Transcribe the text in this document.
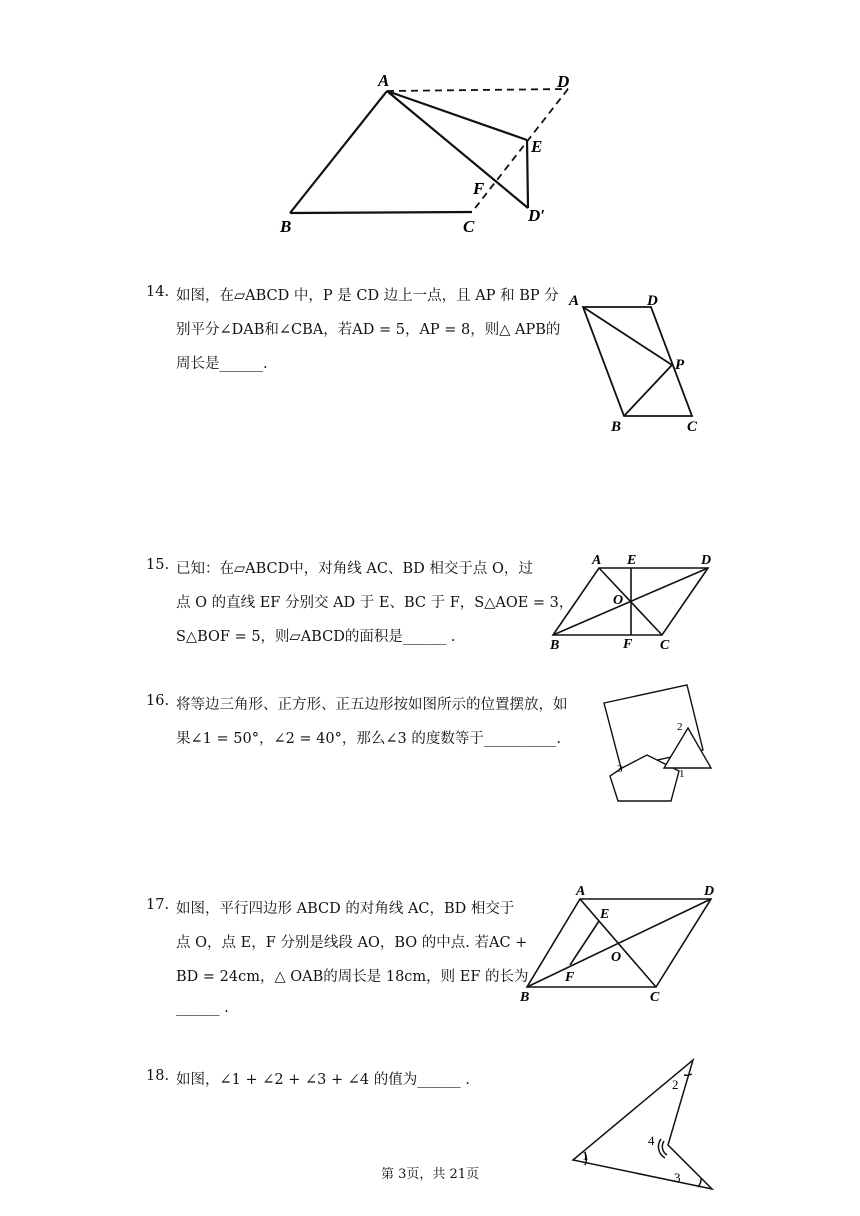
A	D
E
F
B	C
D′
14. 如图，在▱ABCD 中，P 是 CD 边上一点，且 AP 和 BP 分
别平分∠DAB和∠CBA，若AD = 5，AP = 8，则△ APB的
周长是______.
A	D
P
B	C
15. 已知：在▱ABCD中，对角线 AC、BD 相交于点 O，过
点 O 的直线 EF 分别交 AD 于 E、BC 于 F，S△AOE = 3，
S△BOF = 5，则▱ABCD的面积是______ .
A E	D
O
B	F C
16. 将等边三角形、正方形、正五边形按如图所示的位置摆放，如
果∠1 = 50°，∠2 = 40°，那么∠3 的度数等于__________.
2
1
3
17. 如图，平行四边形 ABCD 的对角线 AC，BD 相交于
点 O，点 E，F 分别是线段 AO，BO 的中点. 若AC +
BD = 24cm，△ OAB的周长是 18cm，则 EF 的长为
______ .
A	D
E
O
F
B	C
18. 如图，∠1 + ∠2 + ∠3 + ∠4 的值为______ .
1
2
3
4
第 3页，共 21页
